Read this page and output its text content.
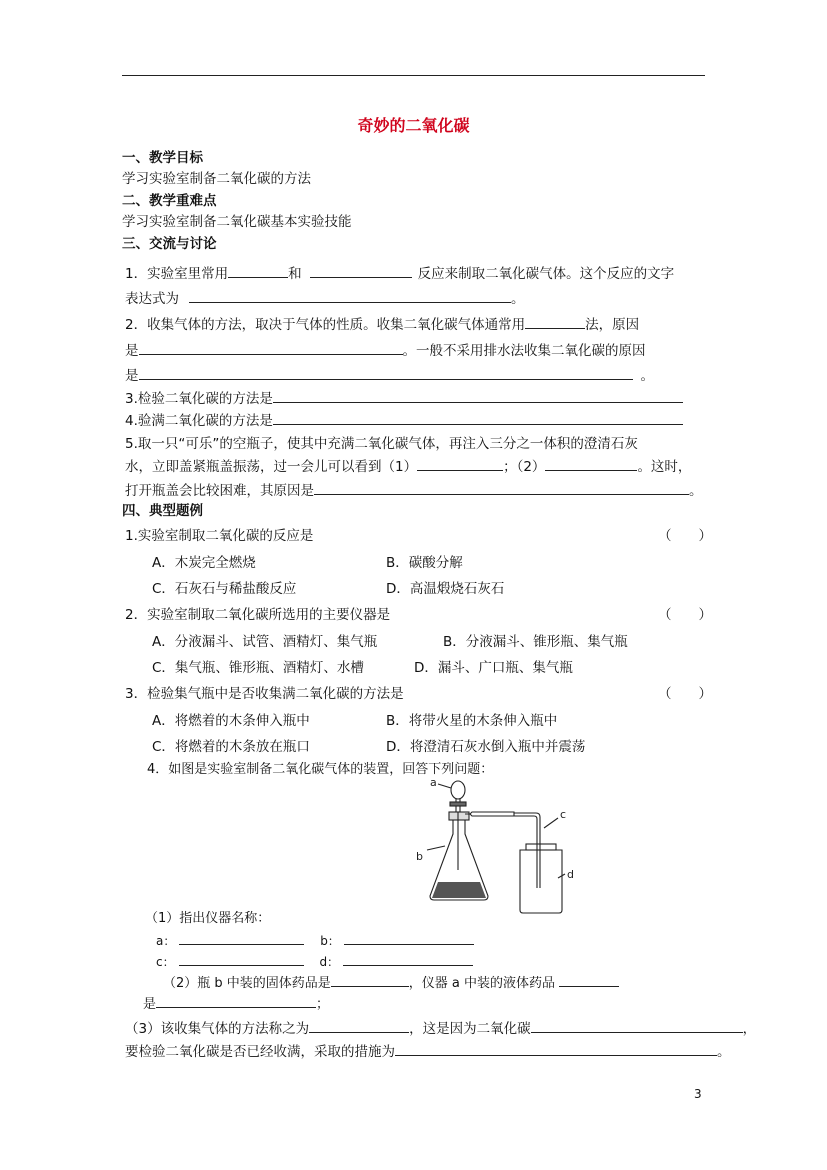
奇妙的二氧化碳
一、教学目标
学习实验室制备二氧化碳的方法
二、教学重难点
学习实验室制备二氧化碳基本实验技能
三、交流与讨论
1．实验室里常用	和	反应来制取二氧化碳气体。这个反应的文字
表达式为	。
2．收集气体的方法，取决于气体的性质。收集二氧化碳气体通常用	法，原因
是	。一般不采用排水法收集二氧化碳的原因
是	。
3.检验二氧化碳的方法是
4.验满二氧化碳的方法是
5.取一只“可乐”的空瓶子，使其中充满二氧化碳气体，再注入三分之一体积的澄清石灰
水，立即盖紧瓶盖振荡，过一会儿可以看到（1）	；（2）	。这时，
打开瓶盖会比较困难，其原因是	。
四、典型题例
1.实验室制取二氧化碳的反应是	（　　）
A．木炭完全燃烧	B．碳酸分解
C．石灰石与稀盐酸反应	D．高温煅烧石灰石
2．实验室制取二氧化碳所选用的主要仪器是	（　　）
A．分液漏斗、试管、酒精灯、集气瓶	B．分液漏斗、锥形瓶、集气瓶
C．集气瓶、锥形瓶、酒精灯、水槽	D．漏斗、广口瓶、集气瓶
3．检验集气瓶中是否收集满二氧化碳的方法是	（　　）
A．将燃着的木条伸入瓶中	B．将带火星的木条伸入瓶中
C．将燃着的木条放在瓶口	D．将澄清石灰水倒入瓶中并震荡
4．如图是实验室制备二氧化碳气体的装置，回答下列问题：
a
b
c
d
（1）指出仪器名称：
a：	b：
c：	d：
（2）瓶 b 中装的固体药品是	，仪器 a 中装的液体药品
是	；
（3）该收集气体的方法称之为	，这是因为二氧化碳	，
要检验二氧化碳是否已经收满，采取的措施为	。
3
